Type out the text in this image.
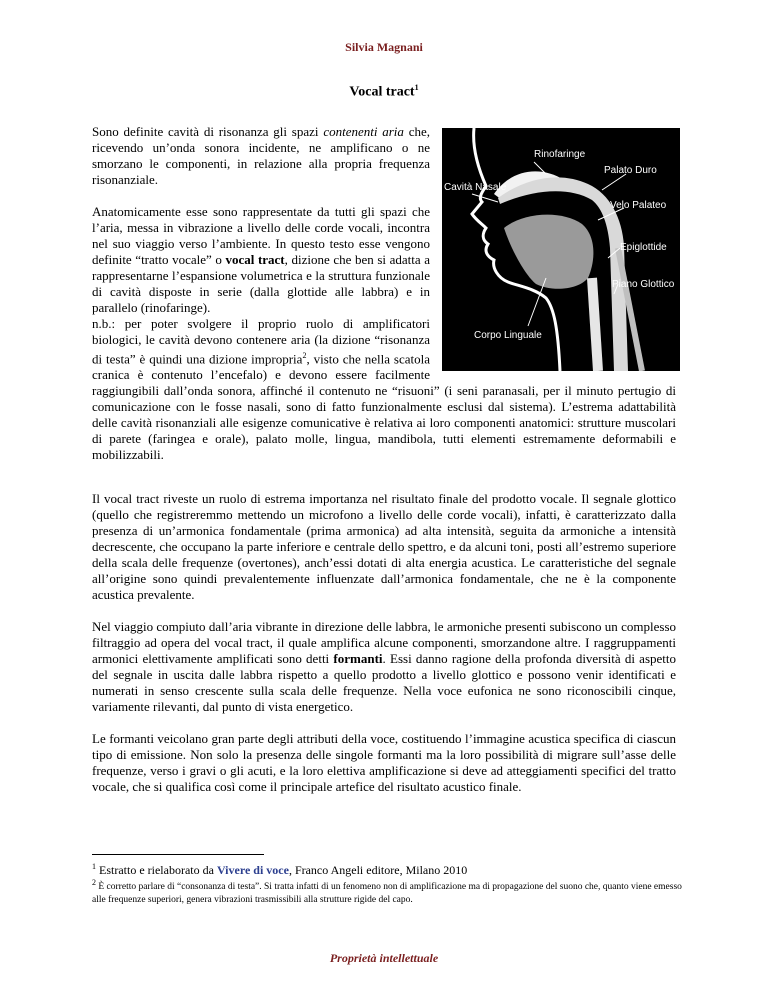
Silvia Magnani
Vocal tract$^1$
Rinofaringe
Palato Duro
Cavità Nasale
Velo Palateo
Epiglottide
Piano Glottico
Corpo Linguale

Sono definite cavità di risonanza gli spazi contenenti aria che, ricevendo un’onda sonora incidente, ne amplificano o ne smorzano le componenti, in relazione alla propria frequenza risonanziale.

Anatomicamente esse sono rappresentate da tutti gli spazi che l’aria, messa in vibrazione a livello delle corde vocali, incontra nel suo viaggio verso l’ambiente. In questo testo esse vengono definite “tratto vocale” o vocal tract, dizione che ben si adatta a rappresentarne l’espansione volumetrica e la struttura funzionale di cavità disposte in serie (dalla glottide alle labbra) e in parallelo (rinofaringe).
n.b.: per poter svolgere il proprio ruolo di amplificatori biologici, le cavità devono contenere aria (la dizione “risonanza di testa” è quindi una dizione impropria$^2$, visto che nella scatola cranica è contenuto l’encefalo) e devono essere facilmente raggiungibili dall’onda sonora, affinché il contenuto ne “risuoni” (i seni paranasali, per il minuto pertugio di comunicazione con le fosse nasali, sono di fatto funzionalmente esclusi dal sistema). L’estrema adattabilità delle cavità risonanziali alle esigenze comunicative è relativa ai loro componenti anatomici: strutture muscolari di parete (faringea e orale), palato molle, lingua, mandibola, tutti elementi estremamente deformabili e mobilizzabili.

Il vocal tract riveste un ruolo di estrema importanza nel risultato finale del prodotto vocale. Il segnale glottico (quello che registreremmo mettendo un microfono a livello delle corde vocali), infatti, è caratterizzato dalla presenza di un’armonica fondamentale (prima armonica) ad alta intensità, seguita da armoniche a intensità decrescente, che occupano la parte inferiore e centrale dello spettro, e da alcuni toni, posti all’estremo superiore della scala delle frequenze (overtones), anch’essi dotati di alta energia acustica. Le caratteristiche del segnale all’origine sono quindi prevalentemente influenzate dall’armonica fondamentale, che ne è la componente acustica prevalente.

Nel viaggio compiuto dall’aria vibrante in direzione delle labbra, le armoniche presenti subiscono un complesso filtraggio ad opera del vocal tract, il quale amplifica alcune componenti, smorzandone altre. I raggruppamenti armonici elettivamente amplificati sono detti formanti. Essi danno ragione della profonda diversità di aspetto del segnale in uscita dalle labbra rispetto a quello prodotto a livello glottico e possono venir identificati e numerati in senso crescente sulla scala delle frequenze. Nella voce eufonica ne sono riconoscibili cinque, variamente rilevanti, dal punto di vista energetico.

Le formanti veicolano gran parte degli attributi della voce, costituendo l’immagine acustica specifica di ciascun tipo di emissione. Non solo la presenza delle singole formanti ma la loro possibilità di migrare sull’asse delle frequenze, verso i gravi o gli acuti, e la loro elettiva amplificazione si deve ad atteggiamenti specifici del tratto vocale, che si qualifica così come il principale artefice del risultato acustico finale.

$^1$ Estratto e rielaborato da Vivere di voce, Franco Angeli editore, Milano 2010
$^2$ È corretto parlare di “consonanza di testa”. Si tratta infatti di un fenomeno non di amplificazione ma di propagazione del suono che, quanto viene emesso alle frequenze superiori, genera vibrazioni trasmissibili alla strutture rigide del capo.
Proprietà intellettuale
